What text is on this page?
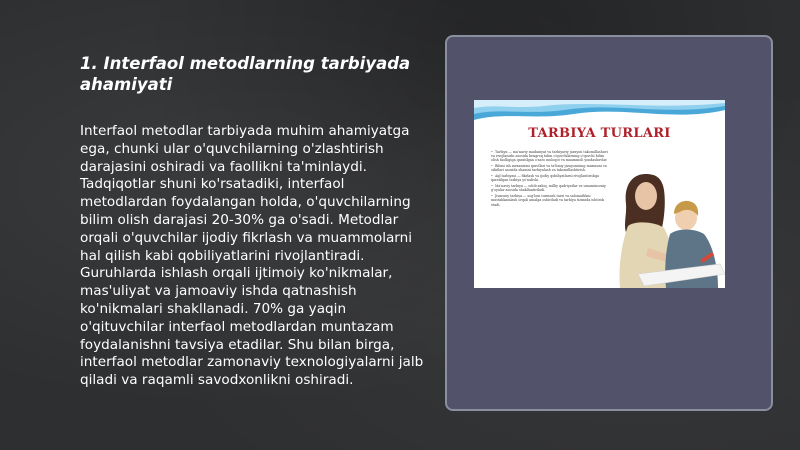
1. Interfaol metodlarning tarbiyada ahamiyati

Interfaol metodlar tarbiyada muhim ahamiyatga ega, chunki ular o'quvchilarning o'zlashtirish darajasini oshiradi va faollikni ta'minlaydi. Tadqiqotlar shuni ko'rsatadiki, interfaol metodlardan foydalangan holda, o'quvchilarning bilim olish darajasi 20-30% ga o'sadi. Metodlar orqali o'quvchilar ijodiy fikrlash va muammolarni hal qilish kabi qobiliyatlarini rivojlantiradi. Guruhlarda ishlash orqali ijtimoiy ko'nikmalar, mas'uliyat va jamoaviy ishda qatnashish ko'nikmalari shakllanadi. 70% ga yaqin o'qituvchilar interfaol metodlardan muntazam foydalanishni tavsiya etadilar. Shu bilan birga, interfaol metodlar zamonaviy texnologiyalarni jalb qiladi va raqamli savodxonlikni oshiradi.

TARBIYA TURLARI

• Tarbiya — ma'naviy madaniyat va tarbiyaviy jarayon takomillashuvi va rivojlanishi asosida kengroq talim o'quvchilarning o'quvchi bilim olish faolligiga qaratilgan o'zaro muloqot va muammoli yondashuvlar.

• Bilimi ish mexanizmi qurollari va ta'limiy jarayonining mazmuni va sifatlari asosida shaxsni tarbiyalash va takomillashtirish.

• Aql tarbiyasi — fikrlash va ijodiy qobiliyatlarni rivojlantirishga qaratilgan tarbiya yo'nalishi.

• Ma'naviy tarbiya — odob-axloq, milliy qadriyatlar va umuminsoniy g'oyalar asosida shakllantiriladi.

• Jismoniy tarbiya — sog'lom turmush tarzi va salomatlikni mustahkamlash orqali amalga oshiriladi va tarbiya tizimida ishtirok etadi.
